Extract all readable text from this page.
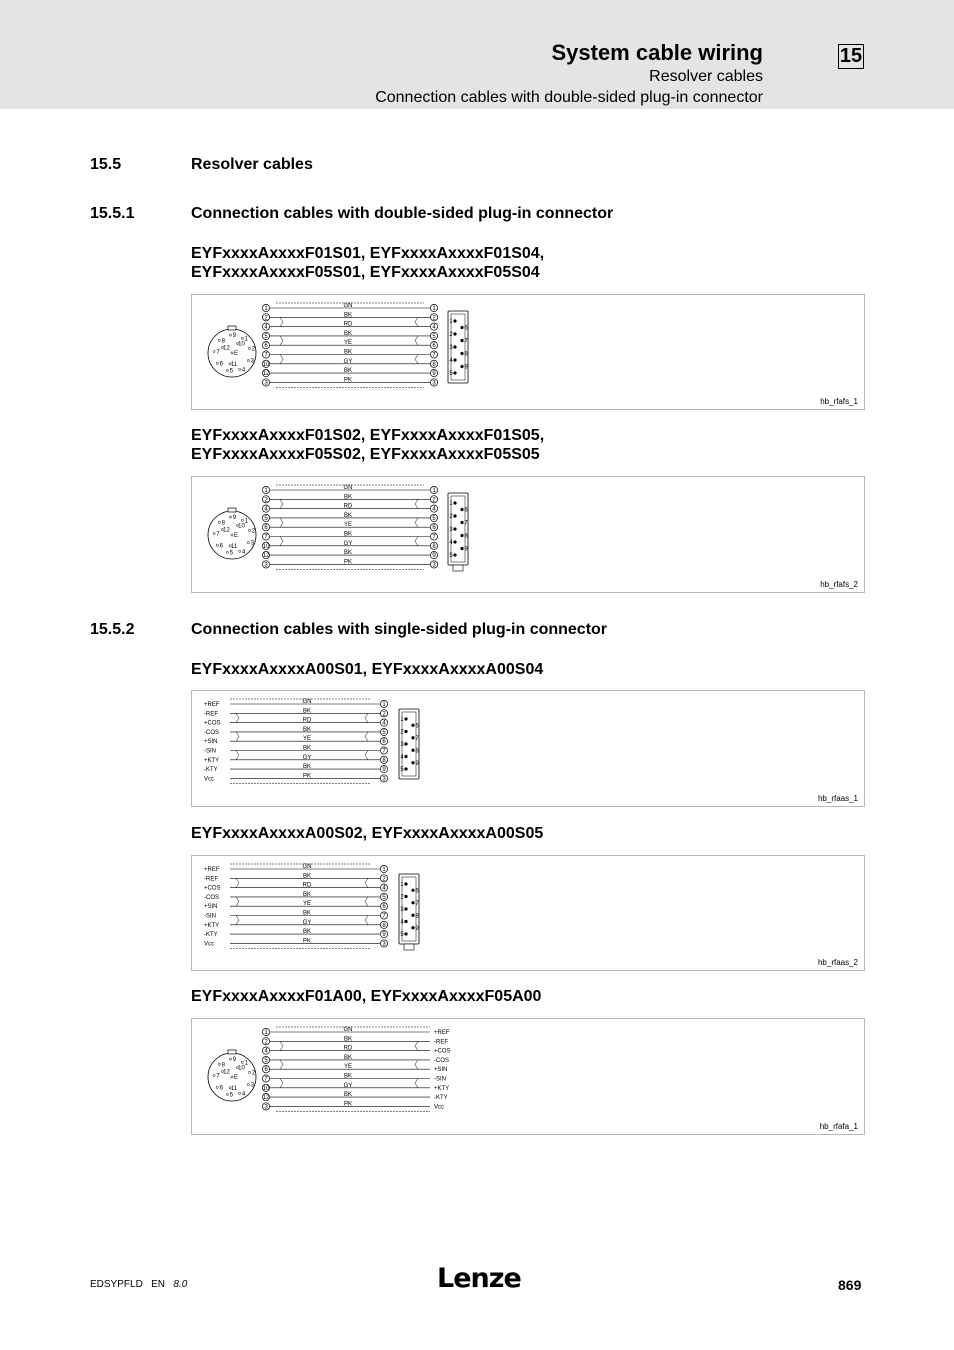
System cable wiring	15
Resolver cables
Connection cables with double-sided plug-in connector
15.5	Resolver cables
15.5.1	Connection cables with double-sided plug-in connector
EYFxxxxAxxxxF01S01, EYFxxxxAxxxxF01S04,
EYFxxxxAxxxxF05S01, EYFxxxxAxxxxF05S04
1
2
3
4
5
6
7
8
9
10
11
12
E
1	1
GN
2	2
BK
4	4
RD
5	5
BK
6	6
YE
7	7
BK
10	8
GY
12	9
BK
3	3
PK
1
2
3
4
5
6
7
8
9
hb_rfafs_1
EYFxxxxAxxxxF01S02, EYFxxxxAxxxxF01S05,
EYFxxxxAxxxxF05S02, EYFxxxxAxxxxF05S05
1
2
3
4
5
6
7
8
9
10
11
12
E
1	1
GN
2	2
BK
4	4
RD
5	5
BK
6	6
YE
7	7
BK
10	8
GY
12	9
BK
3	3
PK
1
2
3
4
5
6
7
8
9
hb_rfafs_2
15.5.2	Connection cables with single-sided plug-in connector
EYFxxxxAxxxxA00S01, EYFxxxxAxxxxA00S04
+REF	1
GN
-REF	2
BK
+COS	4
RD
-COS	5
BK
+SIN	6
YE
-SIN	7
BK
+KTY	8
GY
-KTY	9
BK
Vcc	3
PK
1
2
3
4
5
6
7
8
9
hb_rfaas_1
EYFxxxxAxxxxA00S02, EYFxxxxAxxxxA00S05
+REF	1
GN
-REF	2
BK
+COS	4
RD
-COS	5
BK
+SIN	6
YE
-SIN	7
BK
+KTY	8
GY
-KTY	9
BK
Vcc	3
PK
1
2
3
4
5
6
7
8
9
hb_rfaas_2
EYFxxxxAxxxxF01A00, EYFxxxxAxxxxF05A00
1
2
3
4
5
6
7
8
9
10
11
12
E
1	GN	+REF
2	BK	-REF
4	RD	+COS
5	BK	-COS
6	YE	+SIN
7	BK	-SIN
10	GY	+KTY
12	BK	-KTY
3	PK	Vcc
hb_rfafa_1
EDSYPFLD EN 8.0	Lenze	869
